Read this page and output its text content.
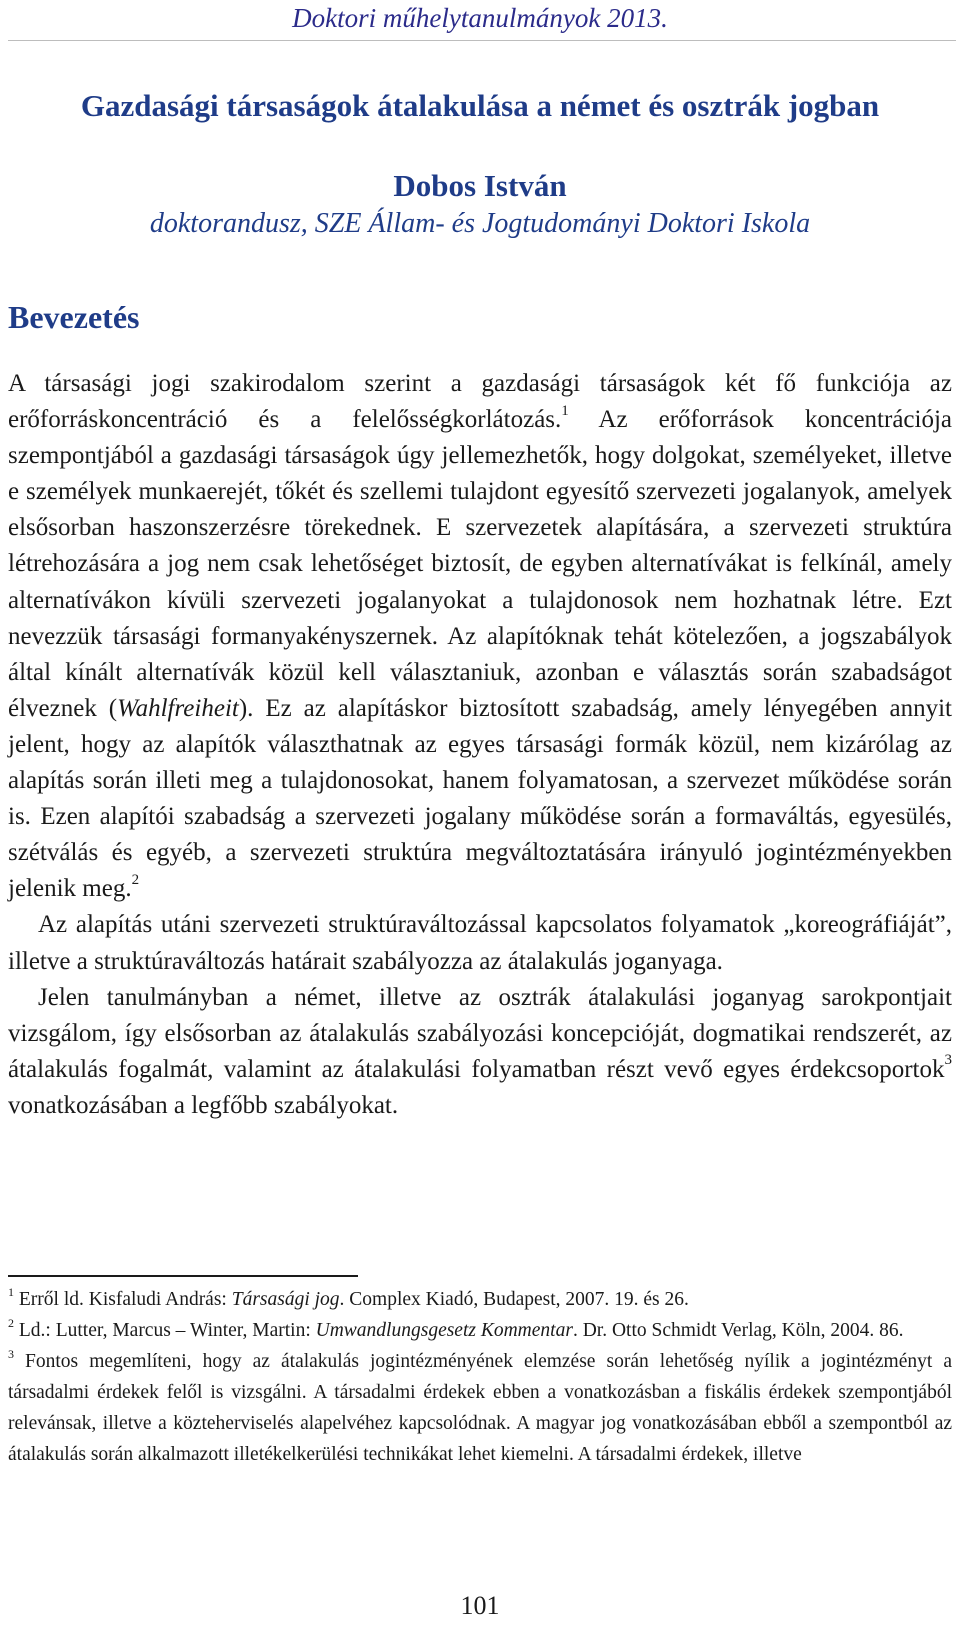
Doktori műhelytanulmányok 2013.
Gazdasági társaságok átalakulása a német és osztrák jogban
Dobos István
doktorandusz, SZE Állam- és Jogtudományi Doktori Iskola
Bevezetés

A társasági jogi szakirodalom szerint a gazdasági társaságok két fő funkciója az erőforráskoncentráció és a felelősségkorlátozás.$^1$ Az erőforrások koncentrációja szempontjából a gazdasági társaságok úgy jellemezhetők, hogy dolgokat, személyeket, illetve e személyek munkaerejét, tőkét és szellemi tulajdont egyesítő szervezeti jogalanyok, amelyek elsősorban haszonszerzésre törekednek. E szervezetek alapítására, a szervezeti struktúra létrehozására a jog nem csak lehetőséget biztosít, de egyben alternatívákat is felkínál, amely alternatívákon kívüli szervezeti jogalanyokat a tulajdonosok nem hozhatnak létre. Ezt nevezzük társasági formanyakényszernek. Az alapítóknak tehát kötelezően, a jogszabályok által kínált alternatívák közül kell választaniuk, azonban e választás során szabadságot élveznek (Wahlfreiheit). Ez az alapításkor biztosított szabadság, amely lényegében annyit jelent, hogy az alapítók választhatnak az egyes társasági formák közül, nem kizárólag az alapítás során illeti meg a tulajdonosokat, hanem folyamatosan, a szervezet működése során is. Ezen alapítói szabadság a szervezeti jogalany működése során a formaváltás, egyesülés, szétválás és egyéb, a szervezeti struktúra megváltoztatására irányuló jogintézményekben jelenik meg.$^2$

Az alapítás utáni szervezeti struktúraváltozással kapcsolatos folyamatok „koreográfiáját”, illetve a struktúraváltozás határait szabályozza az átalakulás joganyaga.

Jelen tanulmányban a német, illetve az osztrák átalakulási joganyag sarokpontjait vizsgálom, így elsősorban az átalakulás szabályozási koncepcióját, dogmatikai rendszerét, az átalakulás fogalmát, valamint az átalakulási folyamatban részt vevő egyes érdekcsoportok$^3$ vonatkozásában a legfőbb szabályokat.

$^1$ Erről ld. Kisfaludi András: Társasági jog. Complex Kiadó, Budapest, 2007. 19. és 26.

$^2$ Ld.: Lutter, Marcus – Winter, Martin: Umwandlungsgesetz Kommentar. Dr. Otto Schmidt Verlag, Köln, 2004. 86.

$^3$ Fontos megemlíteni, hogy az átalakulás jogintézményének elemzése során lehetőség nyílik a jogintézményt a társadalmi érdekek felől is vizsgálni. A társadalmi érdekek ebben a vonatkozásban a fiskális érdekek szempontjából relevánsak, illetve a közteherviselés alapelvéhez kapcsolódnak. A magyar jog vonatkozásában ebből a szempontból az átalakulás során alkalmazott illetékelkerülési technikákat lehet kiemelni. A társadalmi érdekek, illetve

101
